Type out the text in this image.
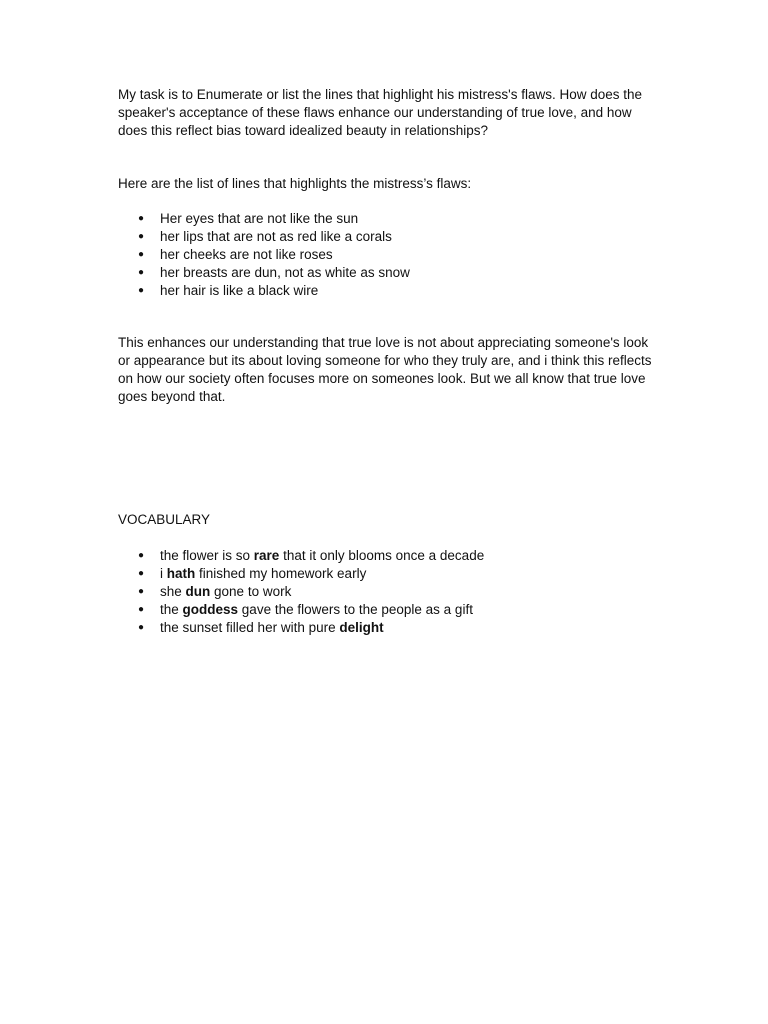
My task is to Enumerate or list the lines that highlight his mistress's flaws. How does the speaker's acceptance of these flaws enhance our understanding of true love, and how does this reflect bias toward idealized beauty in relationships?

Here are the list of lines that highlights the mistress’s flaws:

● Her eyes that are not like the sun
● her lips that are not as red like a corals
● her cheeks are not like roses
● her breasts are dun, not as white as snow
● her hair is like a black wire

This enhances our understanding that true love is not about appreciating someone's look or appearance but its about loving someone for who they truly are, and i think this reflects on how our society often focuses more on someones look. But we all know that true love goes beyond that.

VOCABULARY

● the flower is so rare that it only blooms once a decade
● i hath finished my homework early
● she dun gone to work
● the goddess gave the flowers to the people as a gift
● the sunset filled her with pure delight
